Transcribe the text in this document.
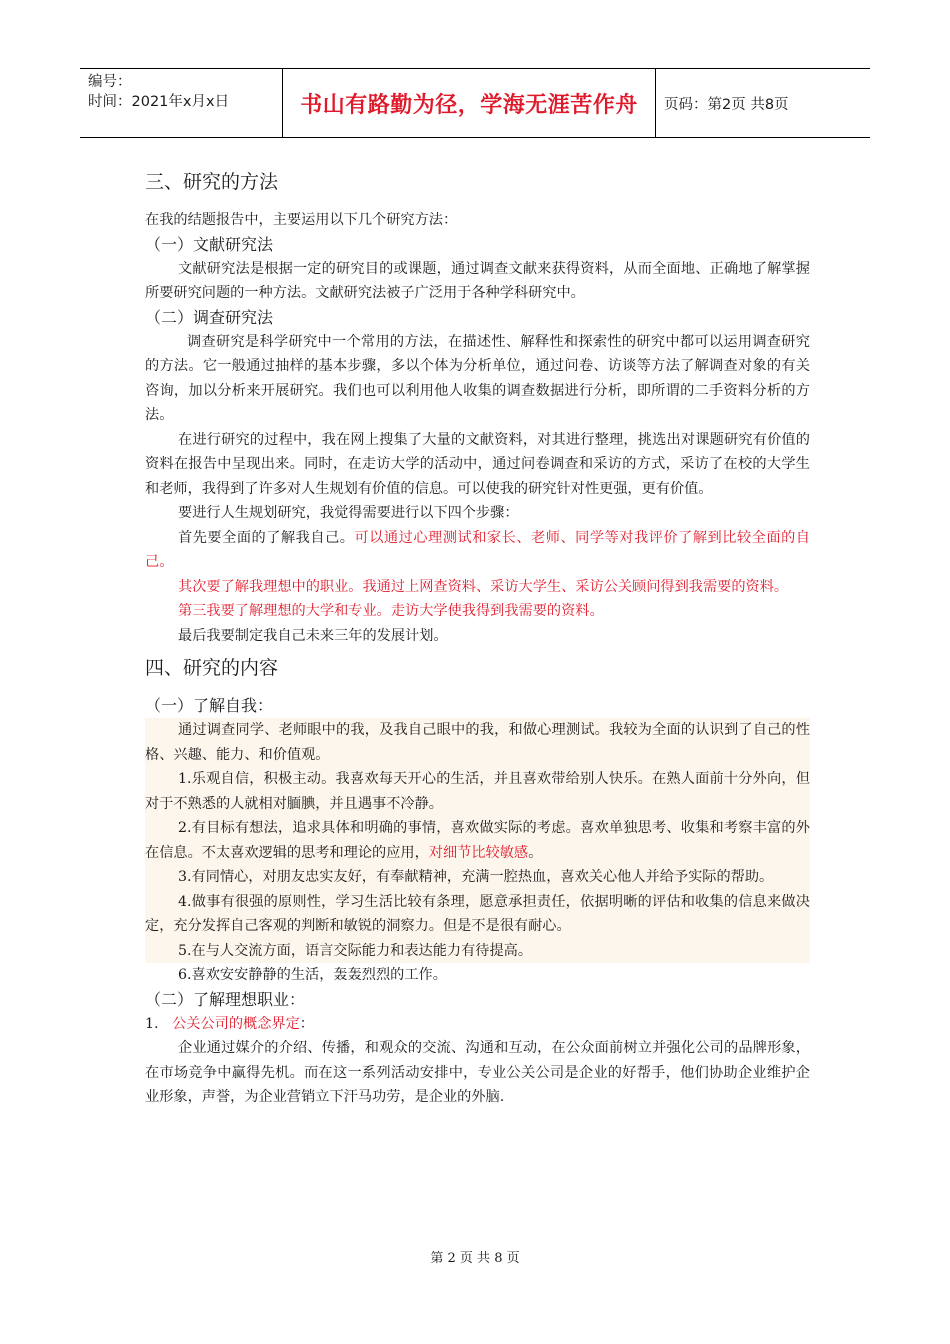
编号：
时间：2021年x月x日	书山有路勤为径，学海无涯苦作舟	页码：第2页 共8页

三、研究的方法

在我的结题报告中，主要运用以下几个研究方法：

（一）文献研究法

文献研究法是根据一定的研究目的或课题，通过调查文献来获得资料，从而全面地、正确地了解掌握所要研究问题的一种方法。文献研究法被子广泛用于各种学科研究中。

（二）调查研究法

调查研究是科学研究中一个常用的方法，在描述性、解释性和探索性的研究中都可以运用调查研究的方法。它一般通过抽样的基本步骤，多以个体为分析单位，通过问卷、访谈等方法了解调查对象的有关咨询，加以分析来开展研究。我们也可以利用他人收集的调查数据进行分析，即所谓的二手资料分析的方法。

在进行研究的过程中，我在网上搜集了大量的文献资料，对其进行整理，挑选出对课题研究有价值的资料在报告中呈现出来。同时，在走访大学的活动中，通过问卷调查和采访的方式，采访了在校的大学生和老师，我得到了许多对人生规划有价值的信息。可以使我的研究针对性更强，更有价值。

要进行人生规划研究，我觉得需要进行以下四个步骤：

首先要全面的了解我自己。可以通过心理测试和家长、老师、同学等对我评价了解到比较全面的自己。

其次要了解我理想中的职业。我通过上网查资料、采访大学生、采访公关顾问得到我需要的资料。

第三我要了解理想的大学和专业。走访大学使我得到我需要的资料。

最后我要制定我自己未来三年的发展计划。

四、研究的内容

（一）了解自我：

通过调查同学、老师眼中的我，及我自己眼中的我，和做心理测试。我较为全面的认识到了自己的性格、兴趣、能力、和价值观。

1.乐观自信，积极主动。我喜欢每天开心的生活，并且喜欢带给别人快乐。在熟人面前十分外向，但对于不熟悉的人就相对腼腆，并且遇事不冷静。

2.有目标有想法，追求具体和明确的事情，喜欢做实际的考虑。喜欢单独思考、收集和考察丰富的外在信息。不太喜欢逻辑的思考和理论的应用，对细节比较敏感。

3.有同情心，对朋友忠实友好，有奉献精神，充满一腔热血，喜欢关心他人并给予实际的帮助。

4.做事有很强的原则性，学习生活比较有条理，愿意承担责任，依据明晰的评估和收集的信息来做决定，充分发挥自己客观的判断和敏锐的洞察力。但是不是很有耐心。

5.在与人交流方面，语言交际能力和表达能力有待提高。

6.喜欢安安静静的生活，轰轰烈烈的工作。

（二）了解理想职业：

1. 公关公司的概念界定：

企业通过媒介的介绍、传播，和观众的交流、沟通和互动，在公众面前树立并强化公司的品牌形象，在市场竞争中赢得先机。而在这一系列活动安排中，专业公关公司是企业的好帮手，他们协助企业维护企业形象，声誉，为企业营销立下汗马功劳，是企业的外脑.

第 2 页 共 8 页
